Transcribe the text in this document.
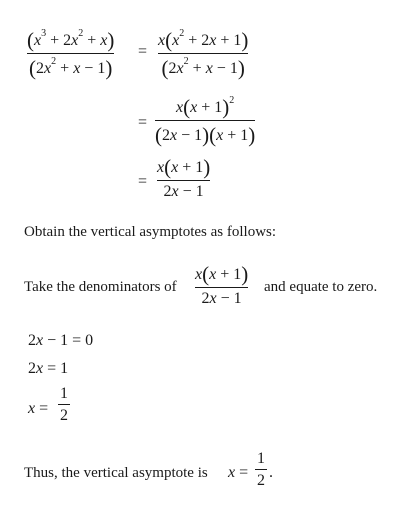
$(x^3 + 2x^2 + x)$
$(2x^2 + x - 1)$
=
$x(x^2 + 2x + 1)$
$(2x^2 + x - 1)$
=
$x(x + 1)^2$
(2x − 1)(x + 1)
=
x(x + 1)
2x − 1
Obtain the vertical asymptotes as follows:
Take the denominators of
x(x + 1)
2x − 1
and equate to zero.
2x − 1 = 0
2x = 1
x =
1
2
Thus, the vertical asymptote is x =
1
2 .
